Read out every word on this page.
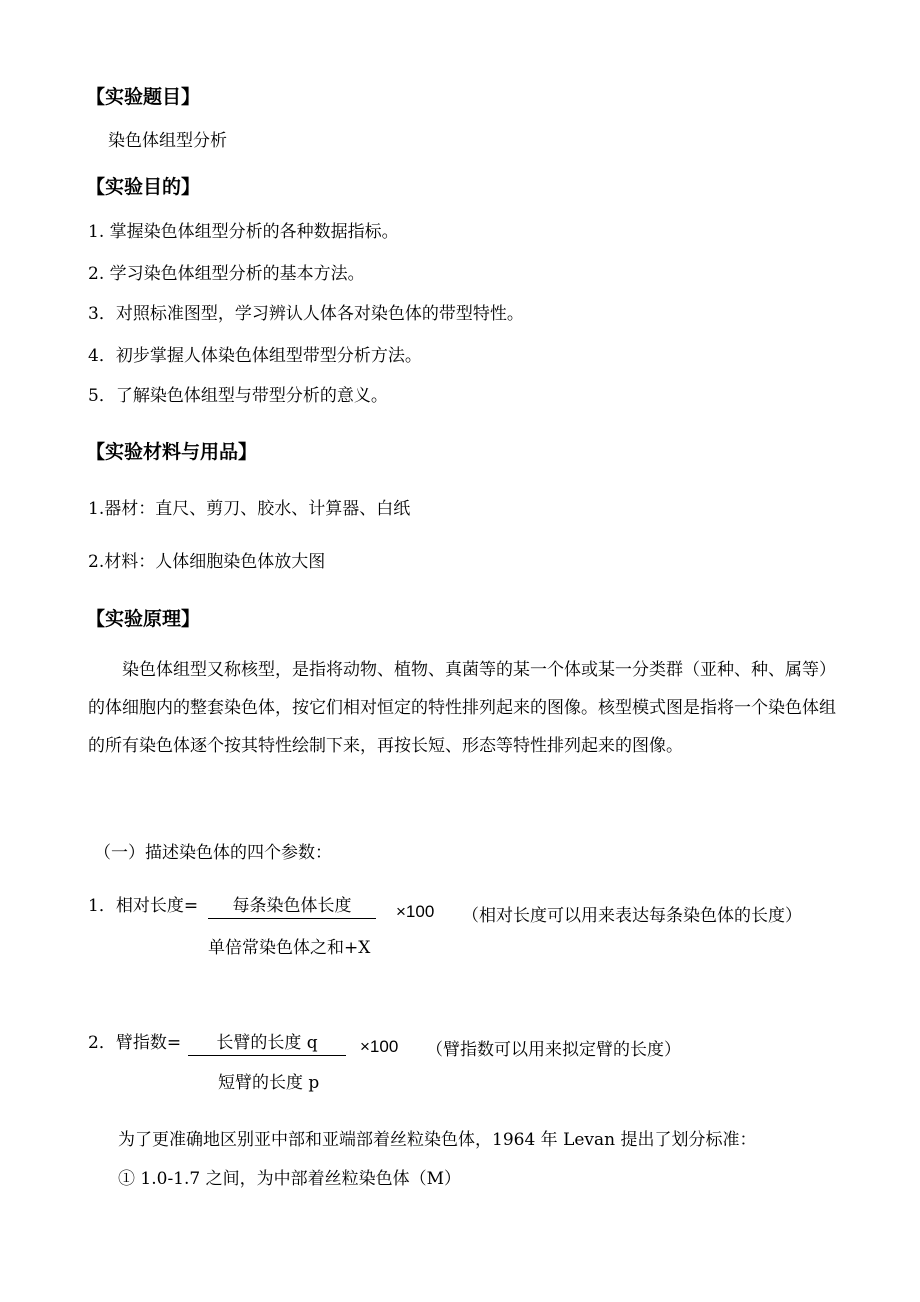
【实验题目】
染色体组型分析
【实验目的】
1. 掌握染色体组型分析的各种数据指标。
2. 学习染色体组型分析的基本方法。
3．对照标准图型，学习辨认人体各对染色体的带型特性。
4．初步掌握人体染色体组型带型分析方法。
5．了解染色体组型与带型分析的意义。
【实验材料与用品】
1.器材：直尺、剪刀、胶水、计算器、白纸
2.材料：人体细胞染色体放大图
【实验原理】
染色体组型又称核型，是指将动物、植物、真菌等的某一个体或某一分类群（亚种、种、属等）的体细胞内的整套染色体，按它们相对恒定的特性排列起来的图像。核型模式图是指将一个染色体组的所有染色体逐个按其特性绘制下来，再按长短、形态等特性排列起来的图像。
（一）描述染色体的四个参数：
1．相对长度=	每条染色体长度	×100 （相对长度可以用来表达每条染色体的长度）
单倍常染色体之和+X
2．臂指数=	长臂的长度 q	×100 （臂指数可以用来拟定臂的长度）
短臂的长度 p
为了更准确地区别亚中部和亚端部着丝粒染色体，1964 年 Levan 提出了划分标准：
① 1.0-1.7 之间，为中部着丝粒染色体（M）
